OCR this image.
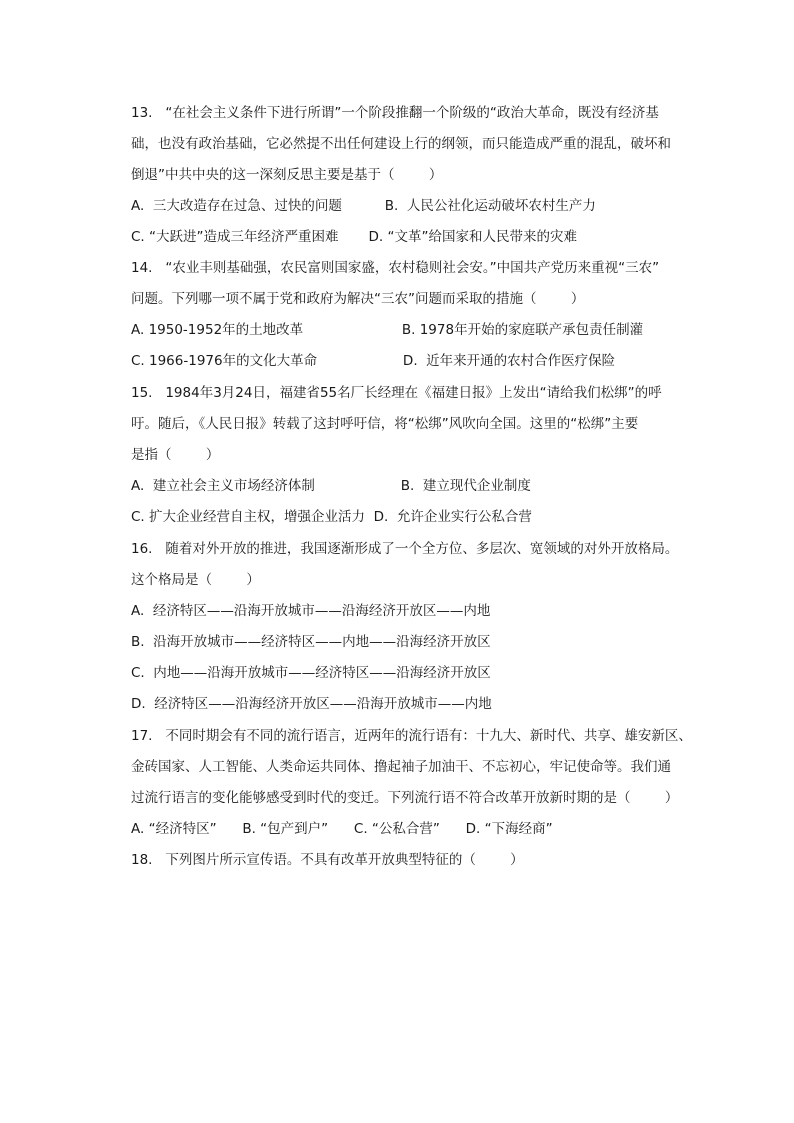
13.   “在社会主义条件下进行所谓”一个阶段推翻一个阶级的“政治大革命，既没有经济基
础，也没有政治基础，它必然提不出任何建设上行的纲领，而只能造成严重的混乱，破坏和
倒退”中共中央的这一深刻反思主要是基于（        ）
A.  三大改造存在过急、过快的问题          B.  人民公社化运动破坏农村生产力
C. “大跃进”造成三年经济严重困难       D. “文革”给国家和人民带来的灾难
14.   “农业丰则基础强，农民富则国家盛，农村稳则社会安。”中国共产党历来重视“三农”
问题。下列哪一项不属于党和政府为解决“三农”问题而采取的措施（        ）
A. 1950-1952年的土地改革                       B. 1978年开始的家庭联产承包责任制灌
C. 1966-1976年的文化大革命                    D.  近年来开通的农村合作医疗保险
15.   1984年3月24日，福建省55名厂长经理在《福建日报》上发出“请给我们松绑”的呼
吁。随后，《人民日报》转载了这封呼吁信，将“松绑”风吹向全国。这里的“松绑”主要
是指（        ）
A.  建立社会主义市场经济体制                    B.  建立现代企业制度
C. 扩大企业经营自主权，增强企业活力  D.  允许企业实行公私合营
16.   随着对外开放的推进，我国逐渐形成了一个全方位、多层次、宽领域的对外开放格局。
这个格局是（        ）
A.  经济特区——沿海开放城市——沿海经济开放区——内地
B.  沿海开放城市——经济特区——内地——沿海经济开放区
C.  内地——沿海开放城市——经济特区——沿海经济开放区
D.  经济特区——沿海经济开放区——沿海开放城市——内地
17.   不同时期会有不同的流行语言，近两年的流行语有：十九大、新时代、共享、雄安新区、
金砖国家、人工智能、人类命运共同体、撸起袖子加油干、不忘初心，牢记使命等。我们通
过流行语言的变化能够感受到时代的变迁。下列流行语不符合改革开放新时期的是（        ）
A. “经济特区”      B. “包产到户”      C. “公私合营”      D. “下海经商”
18.   下列图片所示宣传语。不具有改革开放典型特征的（        ）
